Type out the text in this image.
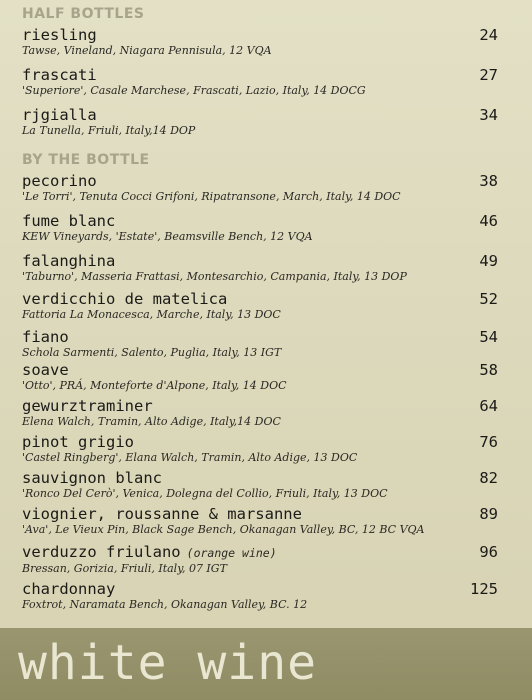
HALF BOTTLES
riesling
Tawse, Vineland, Niagara Pennisula, 12 VQA
24
frascati
'Superiore', Casale Marchese, Frascati, Lazio, Italy, 14 DOCG
27
rjgialla
La Tunella, Friuli, Italy,14 DOP
34
BY THE BOTTLE
pecorino
'Le Torri', Tenuta Cocci Grifoni, Ripatransone, March, Italy, 14 DOC
38
fume blanc
KEW Vineyards, 'Estate', Beamsville Bench, 12 VQA
46
falanghina
'Taburno', Masseria Frattasi, Montesarchio, Campania, Italy, 13 DOP
49
verdicchio de matelica
Fattoria La Monacesca, Marche, Italy, 13 DOC
52
fiano
Schola Sarmenti, Salento, Puglia, Italy, 13 IGT
54
soave
'Otto', PRÁ, Monteforte d'Alpone, Italy, 14 DOC
58
gewurztraminer
Elena Walch, Tramin, Alto Adige, Italy,14 DOC
64
pinot grigio
'Castel Ringberg', Elana Walch, Tramin, Alto Adige, 13 DOC
76
sauvignon blanc
'Ronco Del Cerò', Venica, Dolegna del Collio, Friuli, Italy, 13 DOC
82
viognier, roussanne & marsanne
'Ava', Le Vieux Pin, Black Sage Bench, Okanagan Valley, BC, 12 BC VQA
89
verduzzo friulano (orange wine)
Bressan, Gorizia, Friuli, Italy, 07 IGT
96
chardonnay
Foxtrot, Naramata Bench, Okanagan Valley, BC. 12
125
white wine
